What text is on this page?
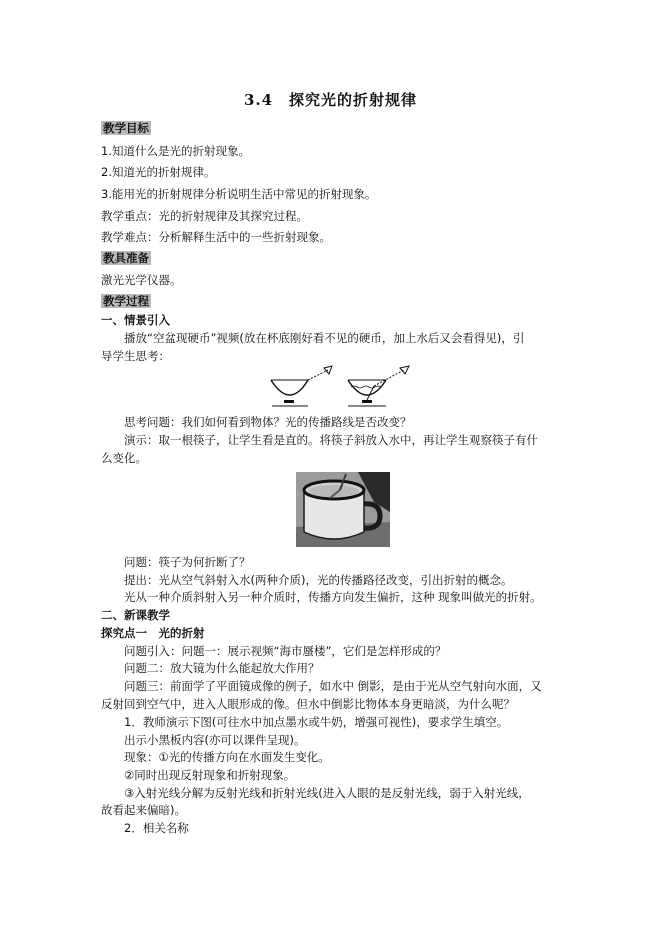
3.4　探究光的折射规律
教学目标
1.知道什么是光的折射现象。
2.知道光的折射规律。
3.能用光的折射规律分析说明生活中常见的折射现象。
教学重点：光的折射规律及其探究过程。
教学难点：分析解释生活中的一些折射现象。
教具准备
激光光学仪器。
教学过程
一、情景引入
播放“空盆现硬币”视频(放在杯底刚好看不见的硬币，加上水后又会看得见)，引
导学生思考：
思考问题：我们如何看到物体？光的传播路线是否改变？
演示：取一根筷子，让学生看是直的。将筷子斜放入水中，再让学生观察筷子有什
么变化。
问题：筷子为何折断了？
提出：光从空气斜射入水(两种介质)，光的传播路径改变，引出折射的概念。
光从一种介质斜射入另一种介质时，传播方向发生偏折，这种 现象叫做光的折射。
二、新课教学
探究点一　光的折射
问题引入：问题一：展示视频“海市蜃楼”，它们是怎样形成的？
问题二：放大镜为什么能起放大作用？
问题三：前面学了平面镜成像的例子，如水中 倒影，是由于光从空气射向水面，又
反射回到空气中，进入人眼形成的像。但水中倒影比物体本身更暗淡，为什么呢？
1．教师演示下图(可往水中加点墨水或牛奶，增强可视性)，要求学生填空。
出示小黑板内容(亦可以课件呈现)。
现象：①光的传播方向在水面发生变化。
②同时出现反射现象和折射现象。
③入射光线分解为反射光线和折射光线(进入人眼的是反射光线，弱于入射光线，
故看起来偏暗)。
2．相关名称
